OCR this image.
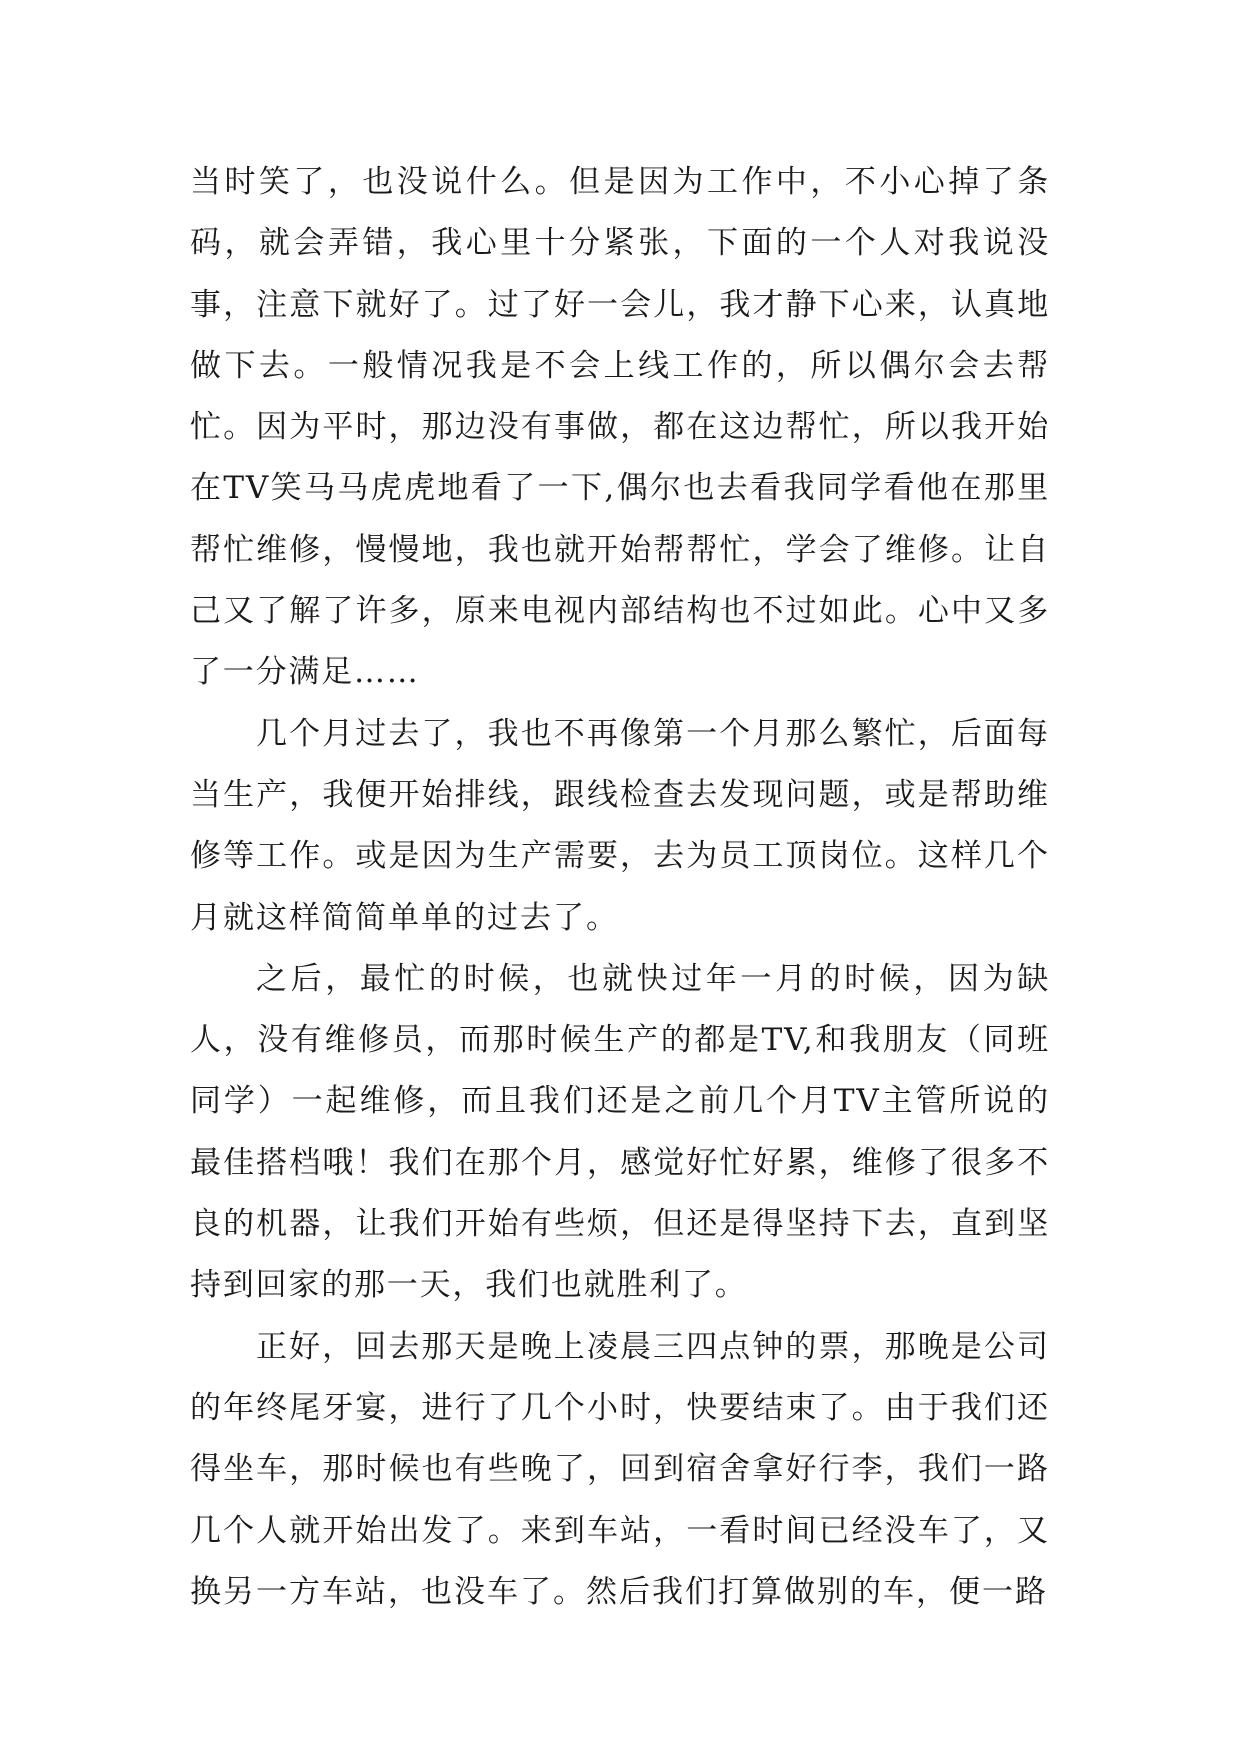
当时笑了，也没说什么。但是因为工作中，不小心掉了条码，就会弄错，我心里十分紧张，下面的一个人对我说没事，注意下就好了。过了好一会儿，我才静下心来，认真地做下去。一般情况我是不会上线工作的，所以偶尔会去帮忙。因为平时，那边没有事做，都在这边帮忙，所以我开始在TV笑马马虎虎地看了一下,偶尔也去看我同学看他在那里帮忙维修，慢慢地，我也就开始帮帮忙，学会了维修。让自己又了解了许多，原来电视内部结构也不过如此。心中又多了一分满足……

几个月过去了，我也不再像第一个月那么繁忙，后面每当生产，我便开始排线，跟线检查去发现问题，或是帮助维修等工作。或是因为生产需要，去为员工顶岗位。这样几个月就这样简简单单的过去了。

之后，最忙的时候，也就快过年一月的时候，因为缺人，没有维修员，而那时候生产的都是TV,和我朋友（同班同学）一起维修，而且我们还是之前几个月TV主管所说的最佳搭档哦！我们在那个月，感觉好忙好累，维修了很多不良的机器，让我们开始有些烦，但还是得坚持下去，直到坚持到回家的那一天，我们也就胜利了。

正好，回去那天是晚上凌晨三四点钟的票，那晚是公司的年终尾牙宴，进行了几个小时，快要结束了。由于我们还得坐车，那时候也有些晚了，回到宿舍拿好行李，我们一路几个人就开始出发了。来到车站，一看时间已经没车了，又换另一方车站，也没车了。然后我们打算做别的车，便一路
